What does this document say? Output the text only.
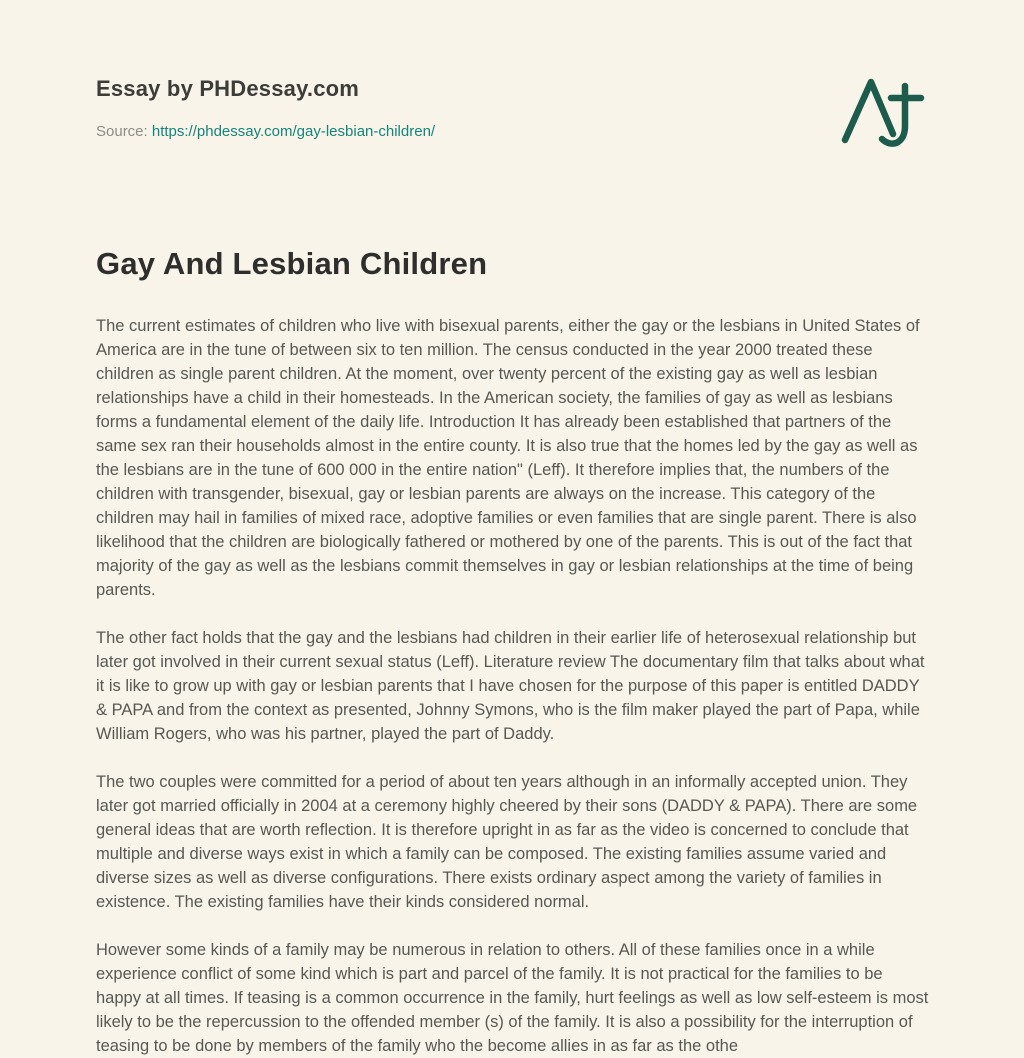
Essay by PHDessay.com
Source: https://phdessay.com/gay-lesbian-children/
Gay And Lesbian Children

The current estimates of children who live with bisexual parents, either the gay or the lesbians in United States of America are in the tune of between six to ten million. The census conducted in the year 2000 treated these children as single parent children. At the moment, over twenty percent of the existing gay as well as lesbian relationships have a child in their homesteads. In the American society, the families of gay as well as lesbians forms a fundamental element of the daily life. Introduction It has already been established that partners of the same sex ran their households almost in the entire county. It is also true that the homes led by the gay as well as the lesbians are in the tune of 600 000 in the entire nation" (Leff). It therefore implies that, the numbers of the children with transgender, bisexual, gay or lesbian parents are always on the increase. This category of the children may hail in families of mixed race, adoptive families or even families that are single parent. There is also likelihood that the children are biologically fathered or mothered by one of the parents. This is out of the fact that majority of the gay as well as the lesbians commit themselves in gay or lesbian relationships at the time of being parents.

The other fact holds that the gay and the lesbians had children in their earlier life of heterosexual relationship but later got involved in their current sexual status (Leff). Literature review The documentary film that talks about what it is like to grow up with gay or lesbian parents that I have chosen for the purpose of this paper is entitled DADDY & PAPA and from the context as presented, Johnny Symons, who is the film maker played the part of Papa, while William Rogers, who was his partner, played the part of Daddy.

The two couples were committed for a period of about ten years although in an informally accepted union. They later got married officially in 2004 at a ceremony highly cheered by their sons (DADDY & PAPA). There are some general ideas that are worth reflection. It is therefore upright in as far as the video is concerned to conclude that multiple and diverse ways exist in which a family can be composed. The existing families assume varied and diverse sizes as well as diverse configurations. There exists ordinary aspect among the variety of families in existence. The existing families have their kinds considered normal.

However some kinds of a family may be numerous in relation to others. All of these families once in a while experience conflict of some kind which is part and parcel of the family. It is not practical for the families to be happy at all times. If teasing is a common occurrence in the family, hurt feelings as well as low self-esteem is most likely to be the repercussion to the offended member (s) of the family. It is also a possibility for the interruption of teasing to be done by members of the family who the become allies in as far as the othe
